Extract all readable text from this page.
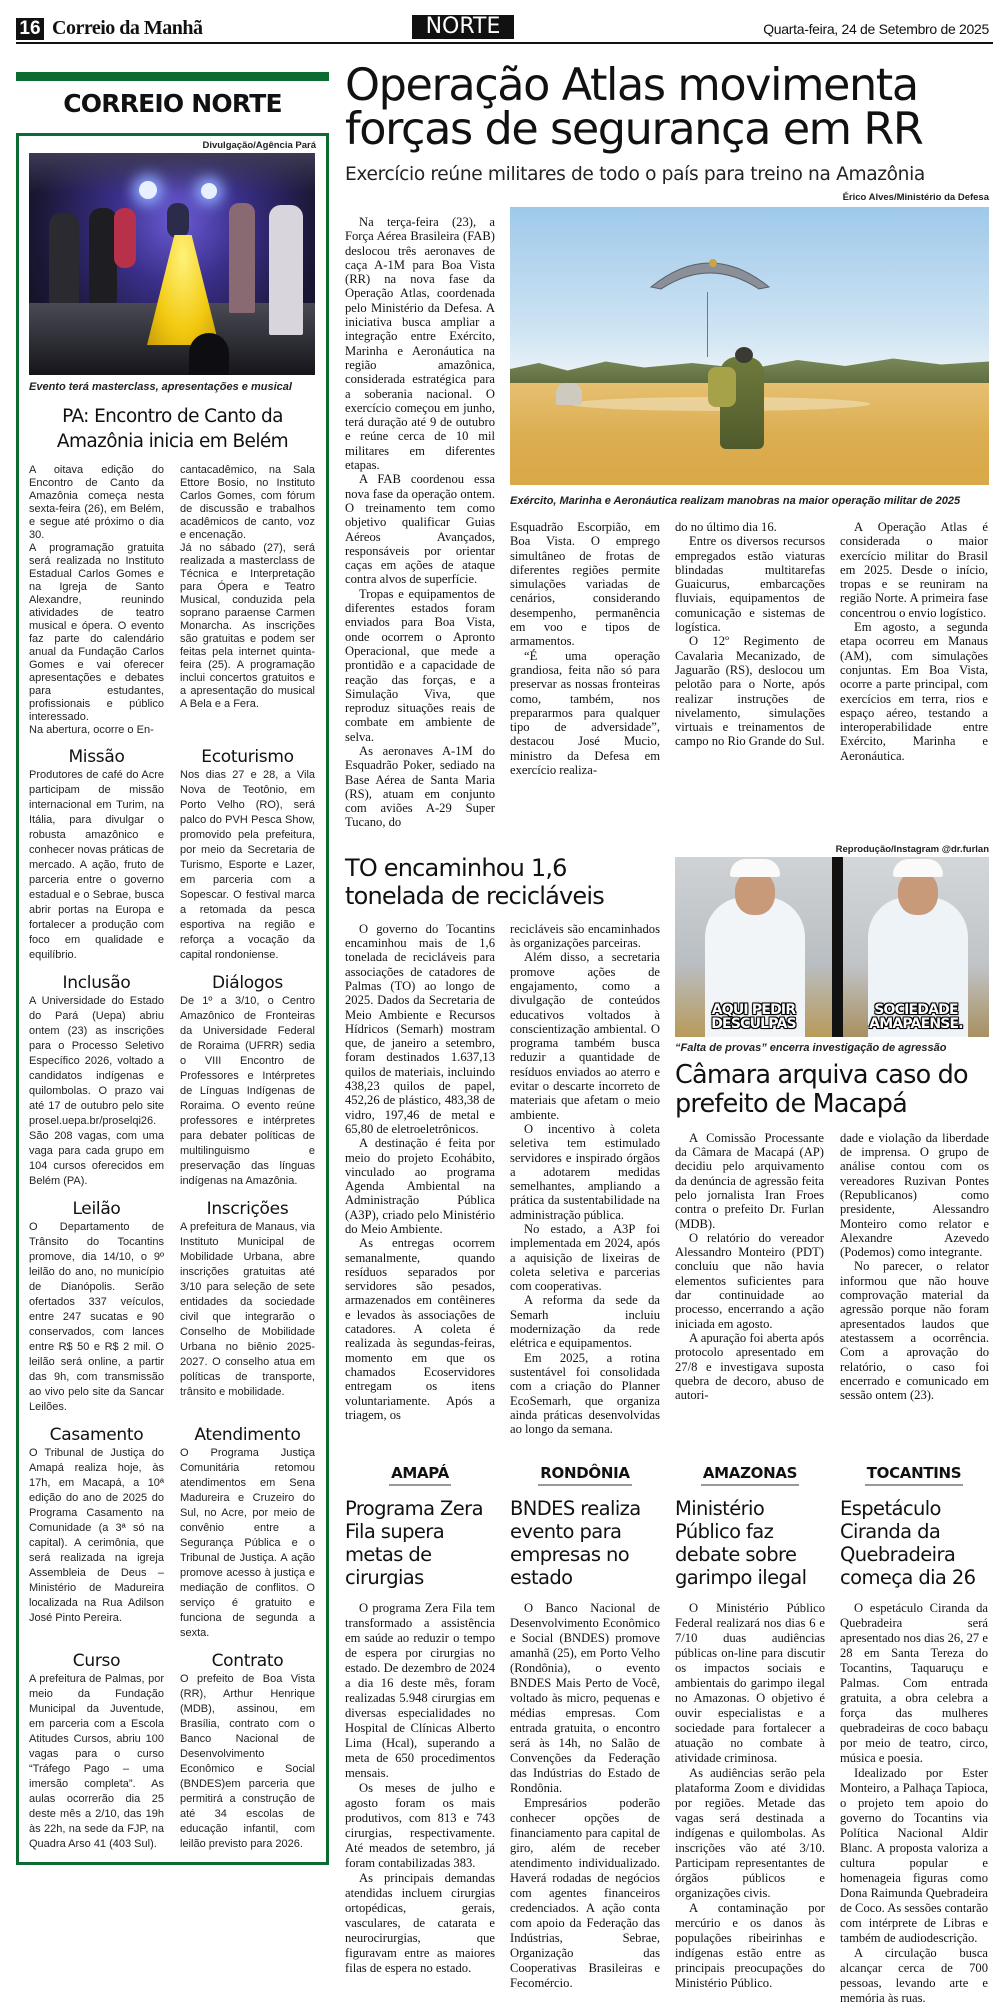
16 Correio da Manhã	NORTE	Quarta-feira, 24 de Setembro de 2025
CORREIO NORTE
Divulgação/Agência Pará
Evento terá masterclass, apresentações e musical
PA: Encontro de Canto da Amazônia inicia em Belém

A oitava edição do Encontro de Canto da Amazônia começa nesta sexta-feira (26), em Belém, e segue até próximo o dia 30.

A programação gratuita será realizada no Instituto Estadual Carlos Gomes e na Igreja de Santo Alexandre, reunindo atividades de teatro musical e ópera. O evento faz parte do calendário anual da Fundação Carlos Gomes e vai oferecer apresentações e debates para estudantes, profissionais e público interessado.

Na abertura, ocorre o En-

cantacadêmico, na Sala Ettore Bosio, no Instituto Carlos Gomes, com fórum de discussão e trabalhos acadêmicos de canto, voz e encenação.

Já no sábado (27), será realizada a masterclass de Técnica e Interpretação para Ópera e Teatro Musical, conduzida pela soprano paraense Carmen Monarcha. As inscrições são gratuitas e podem ser feitas pela internet quinta-feira (25). A programação inclui concertos gratuitos e a apresentação do musical A Bela e a Fera.

Missão
Produtores de café do Acre participam de missão internacional em Turim, na Itália, para divulgar o robusta amazônico e conhecer novas práticas de mercado. A ação, fruto de parceria entre o governo estadual e o Sebrae, busca abrir portas na Europa e fortalecer a produção com foco em qualidade e equilíbrio.
Ecoturismo
Nos dias 27 e 28, a Vila Nova de Teotônio, em Porto Velho (RO), será palco do PVH Pesca Show, promovido pela prefeitura, por meio da Secretaria de Turismo, Esporte e Lazer, em parceria com a Sopescar. O festival marca a retomada da pesca esportiva na região e reforça a vocação da capital rondoniense.
Inclusão
A Universidade do Estado do Pará (Uepa) abriu ontem (23) as inscrições para o Processo Seletivo Específico 2026, voltado a candidatos indígenas e quilombolas. O prazo vai até 17 de outubro pelo site prosel.uepa.br/proselqi26. São 208 vagas, com uma vaga para cada grupo em 104 cursos oferecidos em Belém (PA).
Diálogos
De 1º a 3/10, o Centro Amazônico de Fronteiras da Universidade Federal de Roraima (UFRR) sedia o VIII Encontro de Professores e Intérpretes de Línguas Indígenas de Roraima. O evento reúne professores e intérpretes para debater políticas de multilinguismo e preservação das línguas indígenas na Amazônia.
Leilão
O Departamento de Trânsito do Tocantins promove, dia 14/10, o 9º leilão do ano, no município de Dianópolis. Serão ofertados 337 veículos, entre 247 sucatas e 90 conservados, com lances entre R$ 50 e R$ 2 mil. O leilão será online, a partir das 9h, com transmissão ao vivo pelo site da Sancar Leilões.
Inscrições
A prefeitura de Manaus, via Instituto Municipal de Mobilidade Urbana, abre inscrições gratuitas até 3/10 para seleção de sete entidades da sociedade civil que integrarão o Conselho de Mobilidade Urbana no biênio 2025-2027. O conselho atua em políticas de transporte, trânsito e mobilidade.
Casamento
O Tribunal de Justiça do Amapá realiza hoje, às 17h, em Macapá, a 10ª edição do ano de 2025 do Programa Casamento na Comunidade (a 3ª só na capital). A cerimônia, que será realizada na igreja Assembleia de Deus – Ministério de Madureira localizada na Rua Adilson José Pinto Pereira.
Atendimento
O Programa Justiça Comunitária retomou atendimentos em Sena Madureira e Cruzeiro do Sul, no Acre, por meio de convênio entre a Segurança Pública e o Tribunal de Justiça. A ação promove acesso à justiça e mediação de conflitos. O serviço é gratuito e funciona de segunda a sexta.
Curso
A prefeitura de Palmas, por meio da Fundação Municipal da Juventude, em parceria com a Escola Atitudes Cursos, abriu 100 vagas para o curso “Tráfego Pago – uma imersão completa”. As aulas ocorrerão dia 25 deste mês a 2/10, das 19h às 22h, na sede da FJP, na Quadra Arso 41 (403 Sul).
Contrato
O prefeito de Boa Vista (RR), Arthur Henrique (MDB), assinou, em Brasília, contrato com o Banco Nacional de Desenvolvimento Econômico e Social (BNDES)em parceria que permitirá a construção de até 34 escolas de educação infantil, com leilão previsto para 2026.
Operação Atlas movimenta forças de segurança em RR
Exercício reúne militares de todo o país para treino na Amazônia
Érico Alves/Ministério da Defesa

Na terça-feira (23), a Força Aérea Brasileira (FAB) deslocou três aeronaves de caça A-1M para Boa Vista (RR) na nova fase da Operação Atlas, coordenada pelo Ministério da Defesa. A iniciativa busca ampliar a integração entre Exército, Marinha e Aeronáutica na região amazônica, considerada estratégica para a soberania nacional. O exercício começou em junho, terá duração até 9 de outubro e reúne cerca de 10 mil militares em diferentes etapas.

A FAB coordenou essa nova fase da operação ontem. O treinamento tem como objetivo qualificar Guias Aéreos Avançados, responsáveis por orientar caças em ações de ataque contra alvos de superfície.

Tropas e equipamentos de diferentes estados foram enviados para Boa Vista, onde ocorrem o Apronto Operacional, que mede a prontidão e a capacidade de reação das forças, e a Simulação Viva, que reproduz situações reais de combate em ambiente de selva.

As aeronaves A-1M do Esquadrão Poker, sediado na Base Aérea de Santa Maria (RS), atuam em conjunto com aviões A-29 Super Tucano, do

Exército, Marinha e Aeronáutica realizam manobras na maior operação militar de 2025

Esquadrão Escorpião, em Boa Vista. O emprego simultâneo de frotas de diferentes regiões permite simulações variadas de cenários, considerando desempenho, permanência em voo e tipos de armamentos.

“É uma operação grandiosa, feita não só para preservar as nossas fronteiras como, também, nos prepararmos para qualquer tipo de adversidade”, destacou José Mucio, ministro da Defesa em exercício realiza-

do no último dia 16.

Entre os diversos recursos empregados estão viaturas blindadas multitarefas Guaicurus, embarcações fluviais, equipamentos de comunicação e sistemas de logística.

O 12º Regimento de Cavalaria Mecanizado, de Jaguarão (RS), deslocou um pelotão para o Norte, após realizar instruções de nivelamento, simulações virtuais e treinamentos de campo no Rio Grande do Sul.

A Operação Atlas é considerada o maior exercício militar do Brasil em 2025. Desde o início, tropas e se reuniram na região Norte. A primeira fase concentrou o envio logístico.

Em agosto, a segunda etapa ocorreu em Manaus (AM), com simulações conjuntas. Em Boa Vista, ocorre a parte principal, com exercícios em terra, rios e espaço aéreo, testando a interoperabilidade entre Exército, Marinha e Aeronáutica.

TO encaminhou 1,6 tonelada de recicláveis

O governo do Tocantins encaminhou mais de 1,6 tonelada de recicláveis para associações de catadores de Palmas (TO) ao longo de 2025. Dados da Secretaria de Meio Ambiente e Recursos Hídricos (Semarh) mostram que, de janeiro a setembro, foram destinados 1.637,13 quilos de materiais, incluindo 438,23 quilos de papel, 452,26 de plástico, 483,38 de vidro, 197,46 de metal e 65,80 de eletroeletrônicos.

A destinação é feita por meio do projeto Ecohábito, vinculado ao programa Agenda Ambiental na Administração Pública (A3P), criado pelo Ministério do Meio Ambiente.

As entregas ocorrem semanalmente, quando resíduos separados por servidores são pesados, armazenados em contêineres e levados às associações de catadores. A coleta é realizada às segundas-feiras, momento em que os chamados Ecoservidores entregam os itens voluntariamente. Após a triagem, os

recicláveis são encaminhados às organizações parceiras.

Além disso, a secretaria promove ações de engajamento, como a divulgação de conteúdos educativos voltados à conscientização ambiental. O programa também busca reduzir a quantidade de resíduos enviados ao aterro e evitar o descarte incorreto de materiais que afetam o meio ambiente.

O incentivo à coleta seletiva tem estimulado servidores e inspirado órgãos a adotarem medidas semelhantes, ampliando a prática da sustentabilidade na administração pública.

No estado, a A3P foi implementada em 2024, após a aquisição de lixeiras de coleta seletiva e parcerias com cooperativas.

A reforma da sede da Semarh incluiu modernização da rede elétrica e equipamentos.

Em 2025, a rotina sustentável foi consolidada com a criação do Planner EcoSemarh, que organiza ainda práticas desenvolvidas ao longo da semana.

Reprodução/Instagram @dr.furlan
AQUI PEDIR DESCULPAS
SOCIEDADE AMAPAENSE.
“Falta de provas” encerra investigação de agressão
Câmara arquiva caso do prefeito de Macapá

A Comissão Processante da Câmara de Macapá (AP) decidiu pelo arquivamento da denúncia de agressão feita pelo jornalista Iran Froes contra o prefeito Dr. Furlan (MDB).

O relatório do vereador Alessandro Monteiro (PDT) concluiu que não havia elementos suficientes para dar continuidade ao processo, encerrando a ação iniciada em agosto.

A apuração foi aberta após protocolo apresentado em 27/8 e investigava suposta quebra de decoro, abuso de autori-

dade e violação da liberdade de imprensa. O grupo de análise contou com os vereadores Ruzivan Pontes (Republicanos) como presidente, Alessandro Monteiro como relator e Alexandre Azevedo (Podemos) como integrante.

No parecer, o relator informou que não houve comprovação material da agressão porque não foram apresentados laudos que atestassem a ocorrência. Com a aprovação do relatório, o caso foi encerrado e comunicado em sessão ontem (23).

AMAPÁ
Programa Zera Fila supera metas de cirurgias

O programa Zera Fila tem transformado a assistência em saúde ao reduzir o tempo de espera por cirurgias no estado. De dezembro de 2024 a dia 16 deste mês, foram realizadas 5.948 cirurgias em diversas especialidades no Hospital de Clínicas Alberto Lima (Hcal), superando a meta de 650 procedimentos mensais.

Os meses de julho e agosto foram os mais produtivos, com 813 e 743 cirurgias, respectivamente. Até meados de setembro, já foram contabilizadas 383.

As principais demandas atendidas incluem cirurgias ortopédicas, gerais, vasculares, de catarata e neurocirurgias, que figuravam entre as maiores filas de espera no estado.

RONDÔNIA
BNDES realiza evento para empresas no estado

O Banco Nacional de Desenvolvimento Econômico e Social (BNDES) promove amanhã (25), em Porto Velho (Rondônia), o evento BNDES Mais Perto de Você, voltado às micro, pequenas e médias empresas. Com entrada gratuita, o encontro será às 14h, no Salão de Convenções da Federação das Indústrias do Estado de Rondônia.

Empresários poderão conhecer opções de financiamento para capital de giro, além de receber atendimento individualizado. Haverá rodadas de negócios com agentes financeiros credenciados. A ação conta com apoio da Federação das Indústrias, Sebrae, Organização das Cooperativas Brasileiras e Fecomércio.

AMAZONAS
Ministério Público faz debate sobre garimpo ilegal

O Ministério Público Federal realizará nos dias 6 e 7/10 duas audiências públicas on-line para discutir os impactos sociais e ambientais do garimpo ilegal no Amazonas. O objetivo é ouvir especialistas e a sociedade para fortalecer a atuação no combate à atividade criminosa.

As audiências serão pela plataforma Zoom e divididas por regiões. Metade das vagas será destinada a indígenas e quilombolas. As inscrições vão até 3/10. Participam representantes de órgãos públicos e organizações civis.

A contaminação por mercúrio e os danos às populações ribeirinhas e indígenas estão entre as principais preocupações do Ministério Público.

TOCANTINS
Espetáculo Ciranda da Quebradeira começa dia 26

O espetáculo Ciranda da Quebradeira será apresentado nos dias 26, 27 e 28 em Santa Tereza do Tocantins, Taquaruçu e Palmas. Com entrada gratuita, a obra celebra a força das mulheres quebradeiras de coco babaçu por meio de teatro, circo, música e poesia.

Idealizado por Ester Monteiro, a Palhaça Tapioca, o projeto tem apoio do governo do Tocantins via Política Nacional Aldir Blanc. A proposta valoriza a cultura popular e homenageia figuras como Dona Raimunda Quebradeira de Coco. As sessões contarão com intérprete de Libras e também de audiodescrição.

A circulação busca alcançar cerca de 700 pessoas, levando arte e memória às ruas.
